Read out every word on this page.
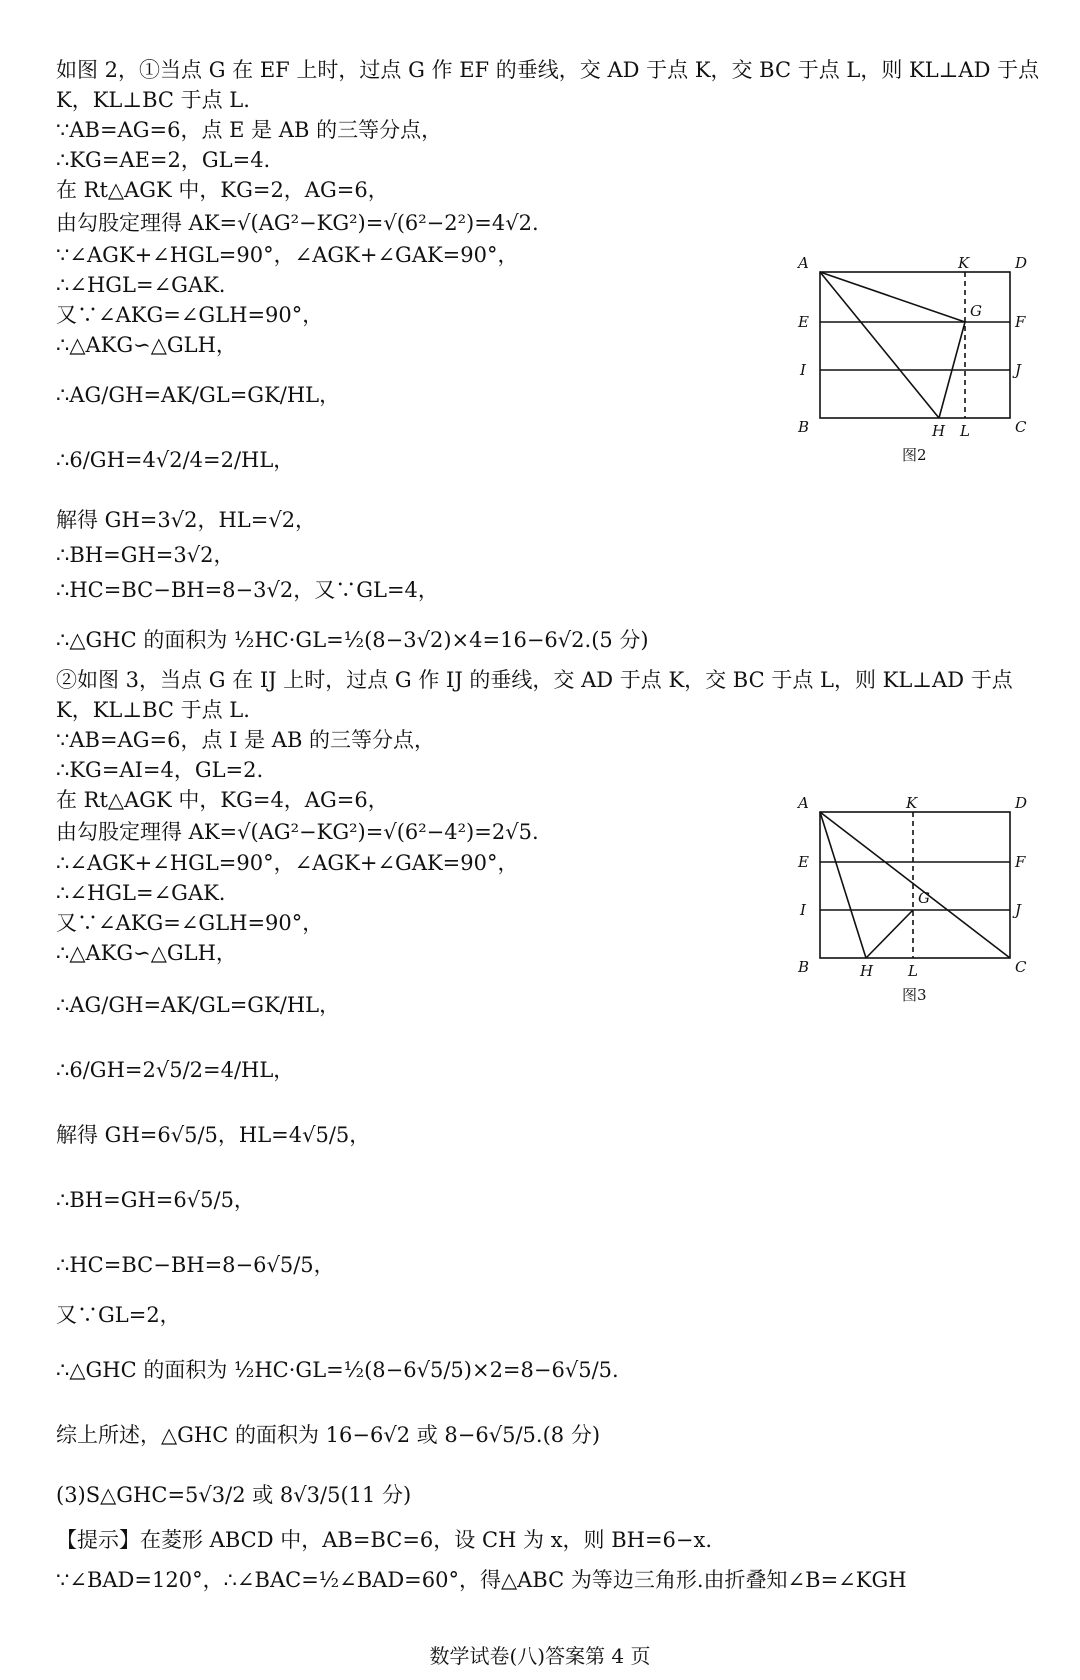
如图 2，①当点 G 在 EF 上时，过点 G 作 EF 的垂线，交 AD 于点 K，交 BC 于点 L，则 KL⊥AD 于点
K，KL⊥BC 于点 L.
∵AB=AG=6，点 E 是 AB 的三等分点，
∴KG=AE=2，GL=4.
在 Rt△AGK 中，KG=2，AG=6，
由勾股定理得 AK=√(AG²−KG²)=√(6²−2²)=4√2.
∵∠AGK+∠HGL=90°，∠AGK+∠GAK=90°，
∴∠HGL=∠GAK.
又∵∠AKG=∠GLH=90°，
∴△AKG∽△GLH，
∴AG/GH=AK/GL=GK/HL，
∴6/GH=4√2/4=2/HL，
解得 GH=3√2，HL=√2，
∴BH=GH=3√2，
∴HC=BC−BH=8−3√2，又∵GL=4，
∴△GHC 的面积为 ½HC·GL=½(8−3√2)×4=16−6√2.(5 分)
②如图 3，当点 G 在 IJ 上时，过点 G 作 IJ 的垂线，交 AD 于点 K，交 BC 于点 L，则 KL⊥AD 于点
K，KL⊥BC 于点 L.
∵AB=AG=6，点 I 是 AB 的三等分点，
∴KG=AI=4，GL=2.
在 Rt△AGK 中，KG=4，AG=6，
由勾股定理得 AK=√(AG²−KG²)=√(6²−4²)=2√5.
∴∠AGK+∠HGL=90°，∠AGK+∠GAK=90°，
∴∠HGL=∠GAK.
又∵∠AKG=∠GLH=90°，
∴△AKG∽△GLH，
∴AG/GH=AK/GL=GK/HL，
∴6/GH=2√5/2=4/HL，
解得 GH=6√5/5，HL=4√5/5，
∴BH=GH=6√5/5，
∴HC=BC−BH=8−6√5/5，
又∵GL=2，
∴△GHC 的面积为 ½HC·GL=½(8−6√5/5)×2=8−6√5/5.
综上所述，△GHC 的面积为 16−6√2 或 8−6√5/5.(8 分)
(3)S△GHC=5√3/2 或 8√3/5(11 分)
【提示】在菱形 ABCD 中，AB=BC=6，设 CH 为 x，则 BH=6−x.
∵∠BAD=120°，∴∠BAC=½∠BAD=60°，得△ABC 为等边三角形.由折叠知∠B=∠KGH
A	K	D
E
G
F
I	J
B	H L	C
图2
A	K	D
E	F
I
G
J
B	H L	C
图3
数学试卷(八)答案第 4 页
